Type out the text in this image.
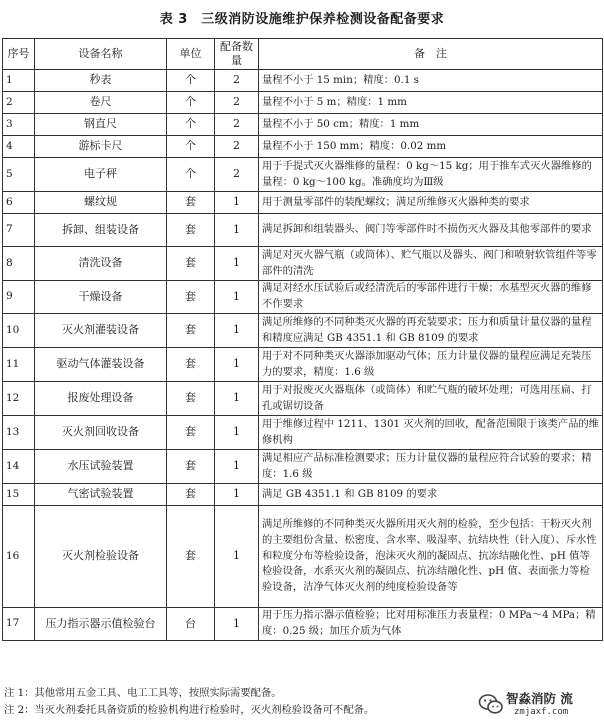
表 3　三级消防设施维护保养检测设备配备要求
序号	设备名称	单位	配备数量	备　注
1	秒表	个	2	量程不小于 15 min；精度：0.1 s
2	卷尺	个	2	量程不小于 5 m；精度：1 mm
3	钢直尺	个	2	量程不小于 50 cm；精度：1 mm
4	游标卡尺	个	2	量程不小于 150 mm；精度：0.02 mm
5	电子秤	个	2	用于手提式灭火器维修的量程：0 kg～15 kg；用于推车式灭火器维修的量程：0 kg～100 kg。准确度均为Ⅲ级
6	螺纹规	套	1	用于测量零部件的装配螺纹；满足所维修灭火器种类的要求
7	拆卸、组装设备	套	1	满足拆卸和组装器头、阀门等零部件时不损伤灭火器及其他零部件的要求
8	清洗设备	套	1	满足对灭火器气瓶（或筒体）、贮气瓶以及器头、阀门和喷射软管组件等零部件的清洗
9	干燥设备	套	1	满足对经水压试验后或经清洗后的零部件进行干燥；水基型灭火器的维修不作要求
10	灭火剂灌装设备	套	1	满足所维修的不同种类灭火器的再充装要求；压力和质量计量仪器的量程和精度应满足 GB 4351.1 和 GB 8109 的要求
11	驱动气体灌装设备	套	1	用于对不同种类灭火器添加驱动气体；压力计量仪器的量程应满足充装压力的要求，精度：1.6 级
12	报废处理设备	套	1	用于对报废灭火器瓶体（或筒体）和贮气瓶的破坏处理；可选用压扁、打孔或锯切设备
13	灭火剂回收设备	套	1	用于维修过程中 1211、1301 灭火剂的回收，配备范围限于该类产品的维修机构
14	水压试验装置	套	1	满足相应产品标准检测要求；压力计量仪器的量程应符合试验的要求；精度：1.6 级
15	气密试验装置	套	1	满足 GB 4351.1 和 GB 8109 的要求
16	灭火剂检验设备	套	1	满足所维修的不同种类灭火器所用灭火剂的检验，至少包括：干粉灭火剂的主要组份含量、松密度、含水率、吸湿率、抗结块性（针入度）、斥水性和粒度分布等检验设备，泡沫灭火剂的凝固点、抗冻结融化性、pH 值等检验设备，水系灭火剂的凝固点、抗冻结融化性、pH 值、表面张力等检验设备，洁净气体灭火剂的纯度检验设备等
17	压力指示器示值检验台	台	1	用于压力指示器示值检验；比对用标准压力表量程：0 MPa～4 MPa；精度：0.25 级；加压介质为气体
注 1：其他常用五金工具、电工工具等，按照实际需要配备。
注 2：当灭火剂委托具备资质的检验机构进行检验时，灭火剂检验设备可不配备。
智淼消防 流
zmjaxf.com
